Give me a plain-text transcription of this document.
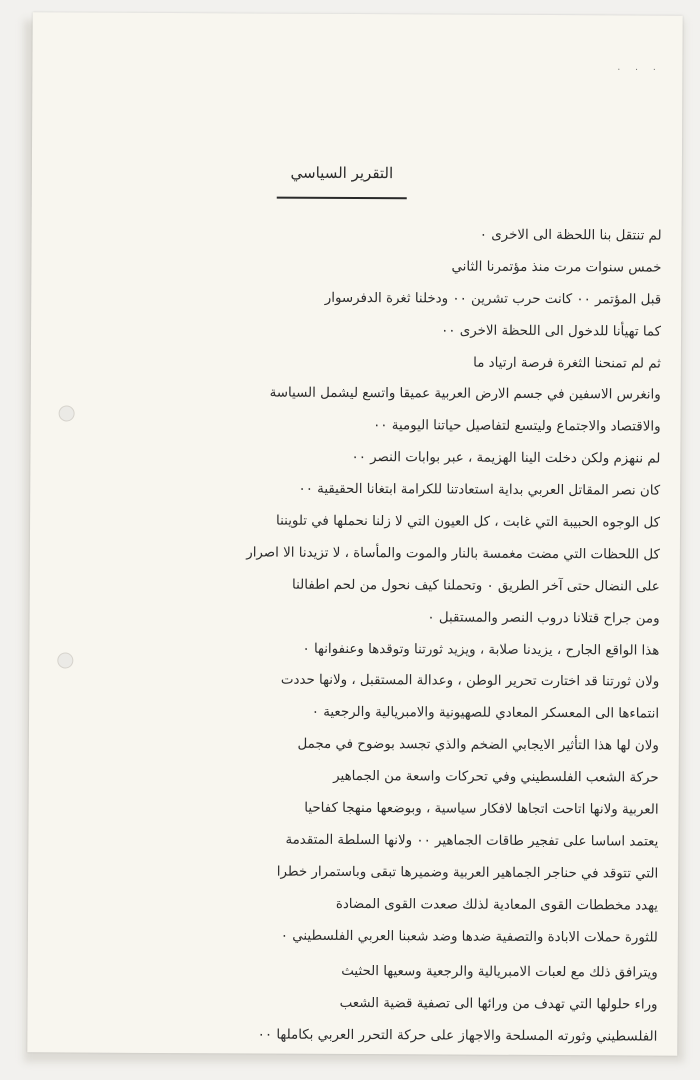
· · ·
التقرير السياسي
لم تنتقل بنا اللحظة الى الاخرى ٠
خمس سنوات مرت منذ مؤتمرنا الثاني
قبل المؤتمر ٠٠ كانت حرب تشرين ٠٠ ودخلنا ثغرة الدفرسوار
كما تهيأنا للدخول الى اللحظة الاخرى ٠٠
ثم لم تمنحنا الثغرة فرصة ارتياد ما
وانغرس الاسفين في جسم الارض العربية عميقا واتسع ليشمل السياسة
والاقتصاد والاجتماع وليتسع لتفاصيل حياتنا اليومية ٠٠
لم ننهزم ولكن دخلت الينا الهزيمة ، عبر بوابات النصر ٠٠
كان نصر المقاتل العربي بداية استعادتنا للكرامة ابتغانا الحقيقية ٠٠
كل الوجوه الحبيبة التي غابت ، كل العيون التي لا زلنا نحملها في تلويننا
كل اللحظات التي مضت مغمسة بالنار والموت والمأساة ، لا تزيدنا الا اصرار
على النضال حتى آخر الطريق ٠ وتحملنا كيف نحول من لحم اطفالنا
ومن جراح قتلانا دروب النصر والمستقبل ٠
هذا الواقع الجارح ، يزيدنا صلابة ، ويزيد ثورتنا وتوقدها وعنفوانها ٠
ولان ثورتنا قد اختارت تحرير الوطن ، وعدالة المستقبل ، ولانها حددت
انتماءها الى المعسكر المعادي للصهيونية والامبريالية والرجعية ٠
ولان لها هذا التأثير الايجابي الضخم والذي تجسد بوضوح في مجمل
حركة الشعب الفلسطيني وفي تحركات واسعة من الجماهير
العربية ولانها اتاحت اتجاها لافكار سياسية ، وبوضعها منهجا كفاحيا
يعتمد اساسا على تفجير طاقات الجماهير ٠٠ ولانها السلطة المتقدمة
التي تتوقد في حناجر الجماهير العربية وضميرها تبقى وباستمرار خطرا
يهدد مخططات القوى المعادية لذلك صعدت القوى المضادة
للثورة حملات الابادة والتصفية ضدها وضد شعبنا العربي الفلسطيني ٠
ويترافق ذلك مع لعبات الامبريالية والرجعية وسعيها الحثيث
وراء حلولها التي تهدف من ورائها الى تصفية قضية الشعب
الفلسطيني وثورته المسلحة والاجهاز على حركة التحرر العربي بكاملها ٠٠
